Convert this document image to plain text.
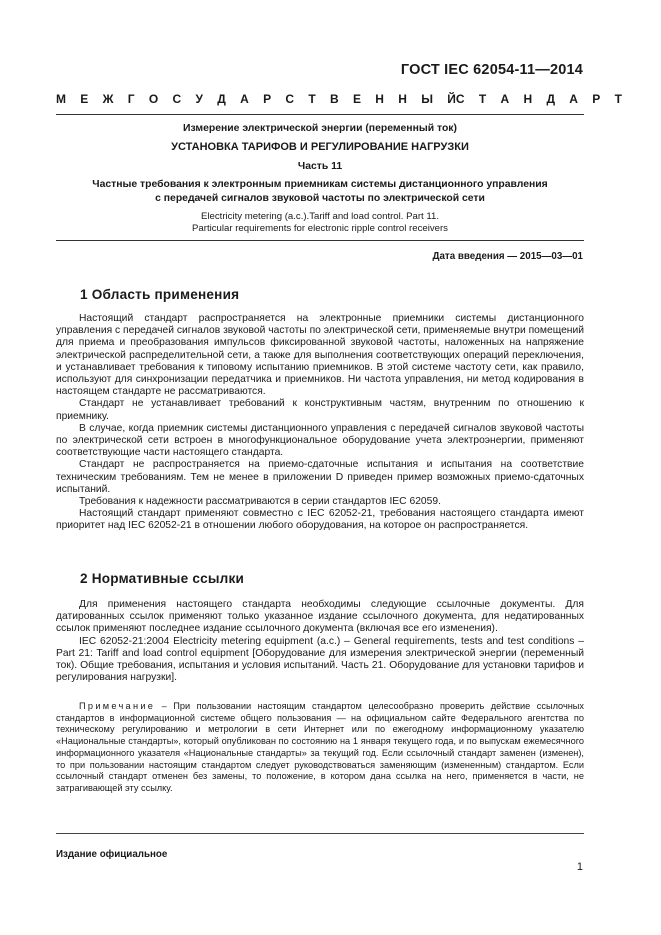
ГОСТ IEC 62054-11—2014
М Е Ж Г О С У Д А Р С Т В Е Н Н Ы Й С Т А Н Д А Р Т
Измерение электрической энергии (переменный ток)
УСТАНОВКА ТАРИФОВ И РЕГУЛИРОВАНИЕ НАГРУЗКИ
Часть 11
Частные требования к электронным приемникам системы дистанционного управления
с передачей сигналов звуковой частоты по электрической сети
Electricity metering (a.c.).Tariff and load control. Part 11.
Particular requirements for electronic ripple control receivers
Дата введения — 2015—03—01
1 Область применения

Настоящий стандарт распространяется на электронные приемники системы дистанционного управления с передачей сигналов звуковой частоты по электрической сети, применяемые внутри помещений для приема и преобразования импульсов фиксированной звуковой частоты, наложенных на напряжение электрической распределительной сети, а также для выполнения соответствующих операций переключения, и устанавливает требования к типовому испытанию приемников. В этой системе частоту сети, как правило, используют для синхронизации передатчика и приемников. Ни частота управления, ни метод кодирования в настоящем стандарте не рассматриваются.

Стандарт не устанавливает требований к конструктивным частям, внутренним по отношению к приемнику.

В случае, когда приемник системы дистанционного управления с передачей сигналов звуковой частоты по электрической сети встроен в многофункциональное оборудование учета электроэнергии, применяют соответствующие части настоящего стандарта.

Стандарт не распространяется на приемо-сдаточные испытания и испытания на соответствие техническим требованиям. Тем не менее в приложении D приведен пример возможных приемо-сдаточных испытаний.

Требования к надежности рассматриваются в серии стандартов IEC 62059.

Настоящий стандарт применяют совместно с IEC 62052-21, требования настоящего стандарта имеют приоритет над IEC 62052-21 в отношении любого оборудования, на которое он распространяется.

2 Нормативные ссылки

Для применения настоящего стандарта необходимы следующие ссылочные документы. Для датированных ссылок применяют только указанное издание ссылочного документа, для недатированных ссылок применяют последнее издание ссылочного документа (включая все его изменения).

IEC 62052-21:2004 Electricity metering equipment (a.c.) – General requirements, tests and test conditions – Part 21: Tariff and load control equipment [Оборудование для измерения электрической энергии (переменный ток). Общие требования, испытания и условия испытаний. Часть 21. Оборудование для установки тарифов и регулирования нагрузки].

Примечание – При пользовании настоящим стандартом целесообразно проверить действие ссылочных стандартов в информационной системе общего пользования — на официальном сайте Федерального агентства по техническому регулированию и метрологии в сети Интернет или по ежегодному информационному указателю «Национальные стандарты», который опубликован по состоянию на 1 января текущего года, и по выпускам ежемесячного информационного указателя «Национальные стандарты» за текущий год. Если ссылочный стандарт заменен (изменен), то при пользовании настоящим стандартом следует руководствоваться заменяющим (измененным) стандартом. Если ссылочный стандарт отменен без замены, то положение, в котором дана ссылка на него, применяется в части, не затрагивающей эту ссылку.
Издание официальное
1
